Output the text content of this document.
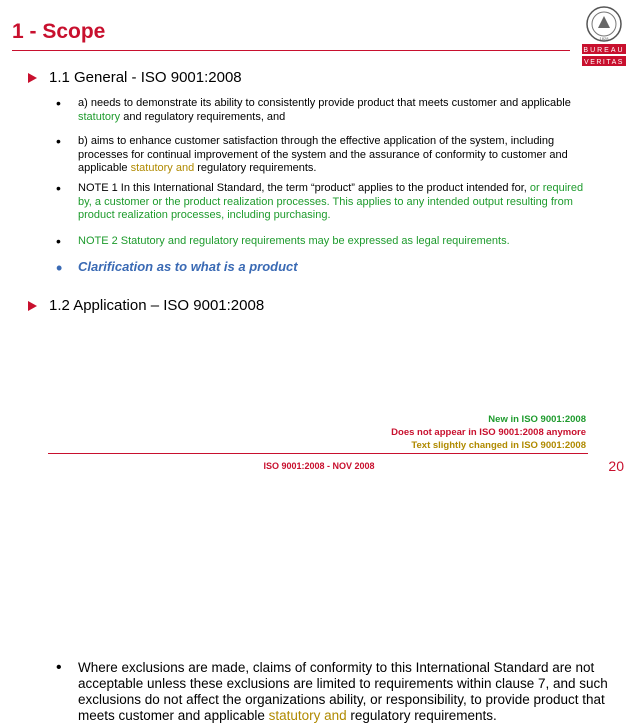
1 - Scope
BUREAU
VERITAS
1828
1.1 General - ISO 9001:2008
• a) needs to demonstrate its ability to consistently provide product that meets customer and applicable statutory and regulatory requirements, and
• b) aims to enhance customer satisfaction through the effective application of the system, including processes for continual improvement of the system and the assurance of conformity to customer and applicable statutory and regulatory requirements.
• NOTE 1 In this International Standard, the term “product” applies to the product intended for, or required by, a customer or the product realization processes. This applies to any intended output resulting from product realization processes, including purchasing.
• NOTE 2 Statutory and regulatory requirements may be expressed as legal requirements.
• Clarification as to what is a product
1.2 Application – ISO 9001:2008
• Where exclusions are made, claims of conformity to this International Standard are not acceptable unless these exclusions are limited to requirements within clause 7, and such exclusions do not affect the organizations ability, or responsibility, to provide product that meets customer and applicable statutory and regulatory requirements.
New in ISO 9001:2008
Does not appear in ISO 9001:2008 anymore
Text slightly changed in ISO 9001:2008
ISO 9001:2008 - NOV 2008	20
